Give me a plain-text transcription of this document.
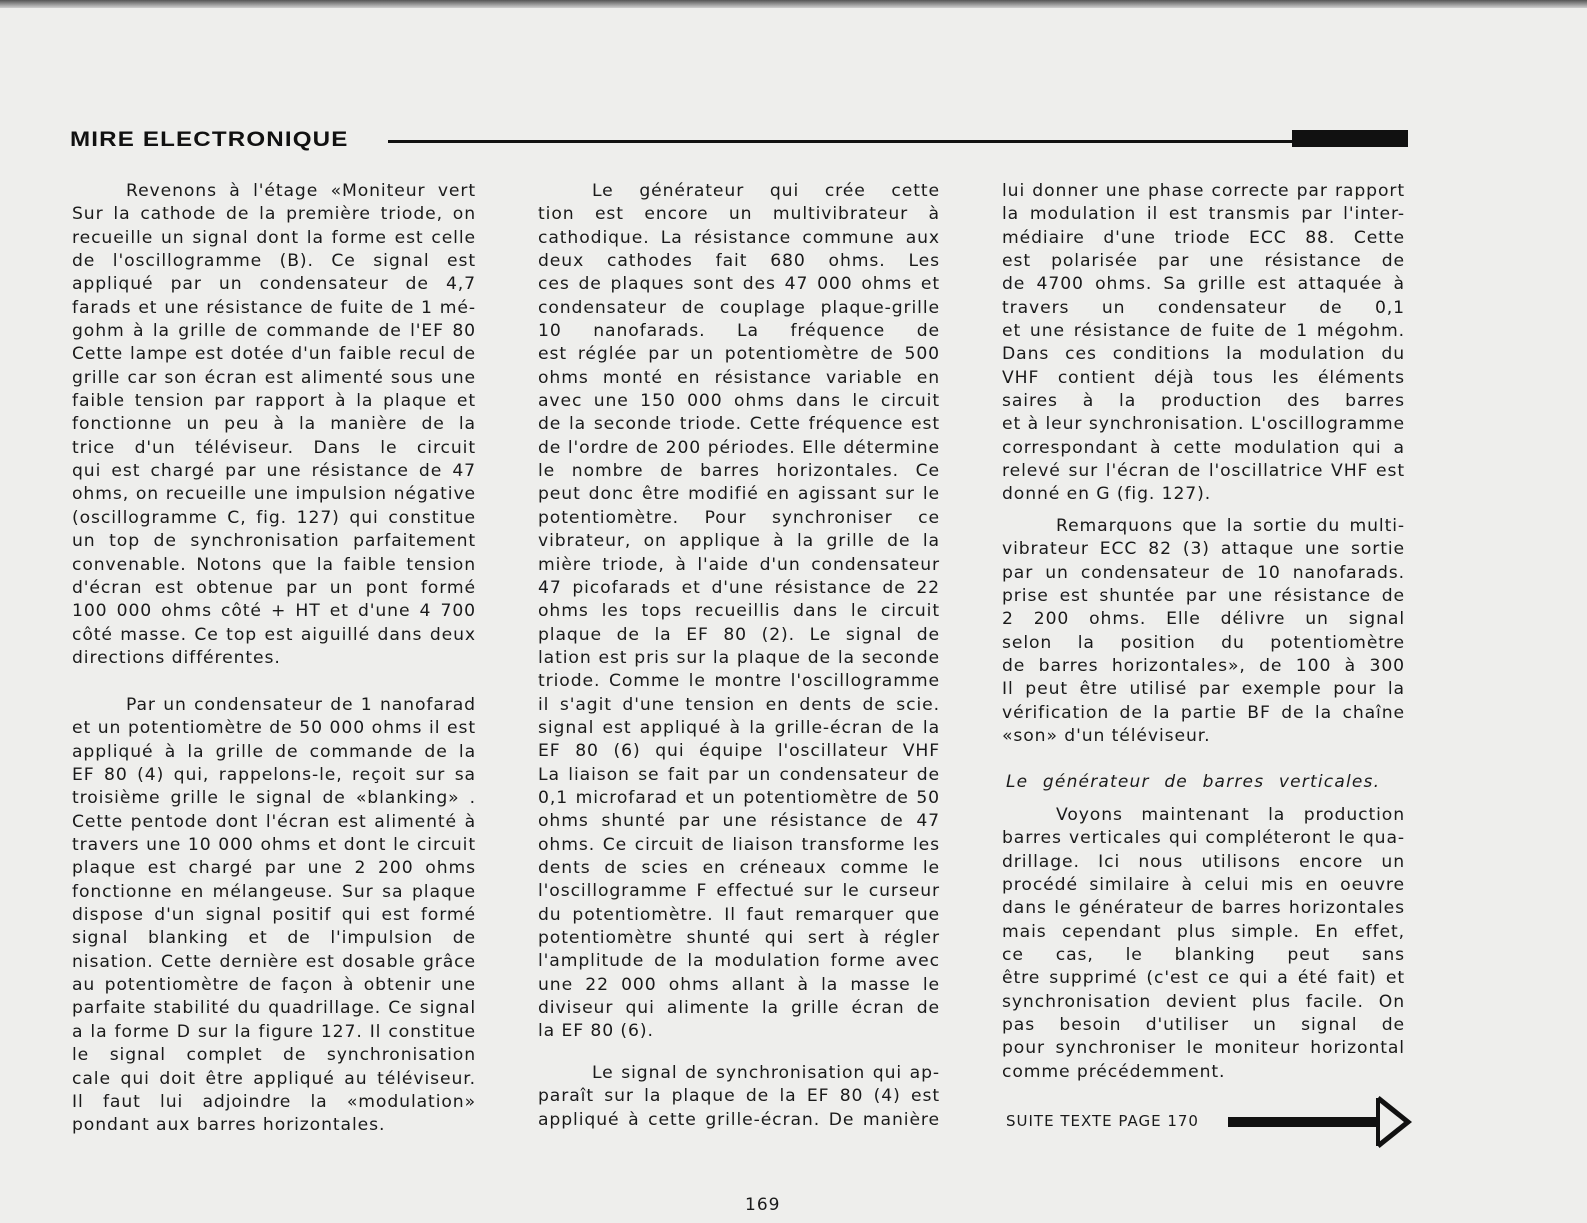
MIRE ELECTRONIQUE
Revenons à l'étage «Moniteur vert
Sur la cathode de la première triode, on
recueille un signal dont la forme est celle
de l'oscillogramme (B). Ce signal est
appliqué par un condensateur de 4,7
farads et une résistance de fuite de 1 mé-
gohm à la grille de commande de l'EF 80
Cette lampe est dotée d'un faible recul de
grille car son écran est alimenté sous une
faible tension par rapport à la plaque et
fonctionne un peu à la manière de la
trice d'un téléviseur. Dans le circuit
qui est chargé par une résistance de 47
ohms, on recueille une impulsion négative
(oscillogramme C, fig. 127) qui constitue
un top de synchronisation parfaitement
convenable. Notons que la faible tension
d'écran est obtenue par un pont formé
100 000 ohms côté + HT et d'une 4 700
côté masse. Ce top est aiguillé dans deux
directions différentes.
Par un condensateur de 1 nanofarad
et un potentiomètre de 50 000 ohms il est
appliqué à la grille de commande de la
EF 80 (4) qui, rappelons-le, reçoit sur sa
troisième grille le signal de «blanking» .
Cette pentode dont l'écran est alimenté à
travers une 10 000 ohms et dont le circuit
plaque est chargé par une 2 200 ohms
fonctionne en mélangeuse. Sur sa plaque
dispose d'un signal positif qui est formé
signal blanking et de l'impulsion de
nisation. Cette dernière est dosable grâce
au potentiomètre de façon à obtenir une
parfaite stabilité du quadrillage. Ce signal
a la forme D sur la figure 127. Il constitue
le signal complet de synchronisation
cale qui doit être appliqué au téléviseur.
Il faut lui adjoindre la «modulation»
pondant aux barres horizontales.
Le générateur qui crée cette
tion est encore un multivibrateur à
cathodique. La résistance commune aux
deux cathodes fait 680 ohms. Les
ces de plaques sont des 47 000 ohms et
condensateur de couplage plaque-grille
10 nanofarads. La fréquence de
est réglée par un potentiomètre de 500
ohms monté en résistance variable en
avec une 150 000 ohms dans le circuit
de la seconde triode. Cette fréquence est
de l'ordre de 200 périodes. Elle détermine
le nombre de barres horizontales. Ce
peut donc être modifié en agissant sur le
potentiomètre. Pour synchroniser ce
vibrateur, on applique à la grille de la
mière triode, à l'aide d'un condensateur
47 picofarads et d'une résistance de 22
ohms les tops recueillis dans le circuit
plaque de la EF 80 (2). Le signal de
lation est pris sur la plaque de la seconde
triode. Comme le montre l'oscillogramme
il s'agit d'une tension en dents de scie.
signal est appliqué à la grille-écran de la
EF 80 (6) qui équipe l'oscillateur VHF
La liaison se fait par un condensateur de
0,1 microfarad et un potentiomètre de 50
ohms shunté par une résistance de 47
ohms. Ce circuit de liaison transforme les
dents de scies en créneaux comme le
l'oscillogramme F effectué sur le curseur
du potentiomètre. Il faut remarquer que
potentiomètre shunté qui sert à régler
l'amplitude de la modulation forme avec
une 22 000 ohms allant à la masse le
diviseur qui alimente la grille écran de
la EF 80 (6).
Le signal de synchronisation qui ap-
paraît sur la plaque de la EF 80 (4) est
appliqué à cette grille-écran. De manière
lui donner une phase correcte par rapport
la modulation il est transmis par l'inter-
médiaire d'une triode ECC 88. Cette
est polarisée par une résistance de
de 4700 ohms. Sa grille est attaquée à
travers un condensateur de 0,1
et une résistance de fuite de 1 mégohm.
Dans ces conditions la modulation du
VHF contient déjà tous les éléments
saires à la production des barres
et à leur synchronisation. L'oscillogramme
correspondant à cette modulation qui a
relevé sur l'écran de l'oscillatrice VHF est
donné en G (fig. 127).
Remarquons que la sortie du multi-
vibrateur ECC 82 (3) attaque une sortie
par un condensateur de 10 nanofarads.
prise est shuntée par une résistance de
2 200 ohms. Elle délivre un signal
selon la position du potentiomètre
de barres horizontales», de 100 à 300
Il peut être utilisé par exemple pour la
vérification de la partie BF de la chaîne
«son» d'un téléviseur.
Le générateur de barres verticales.
Voyons maintenant la production
barres verticales qui compléteront le qua-
drillage. Ici nous utilisons encore un
procédé similaire à celui mis en oeuvre
dans le générateur de barres horizontales
mais cependant plus simple. En effet,
ce cas, le blanking peut sans
être supprimé (c'est ce qui a été fait) et
synchronisation devient plus facile. On
pas besoin d'utiliser un signal de
pour synchroniser le moniteur horizontal
comme précédemment.
SUITE TEXTE PAGE 170
169
